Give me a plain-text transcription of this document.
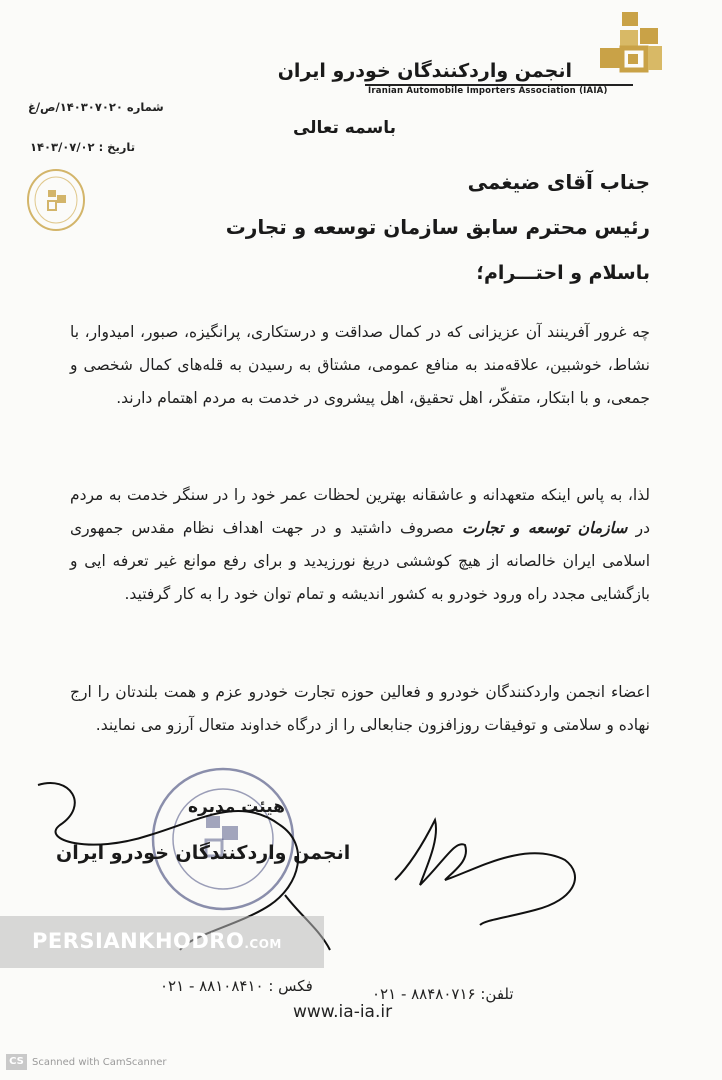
انجمن واردکنندگان خودرو ایران
Iranian Automobile Importers Association (IAIA)
شماره ۱۴۰۳۰۷۰۲۰/ص/غ
تاریخ : ۱۴۰۳/۰۷/۰۲
باسمه تعالی
جناب آقای ضیغمی
رئیس محترم سابق سازمان توسعه و تجارت
باسلام و احتـــرام؛
چه غرور آفرینند آن عزیزانی که در کمال صداقت و درستکاری، پرانگیزه، صبور، امیدوار، با نشاط، خوشبین، علاقه‌مند به منافع عمومی، مشتاق به رسیدن به قله‌های کمال شخصی و جمعی، و با ابتکار، متفکّر، اهل تحقیق، اهل پیشروی در خدمت به مردم اهتمام دارند.
لذا، به پاس اینکه متعهدانه و عاشقانه بهترین لحظات عمر خود را در سنگر خدمت به مردم در سازمان توسعه و تجارت مصروف داشتید و در جهت اهداف نظام مقدس جمهوری اسلامی ایران خالصانه از هیچ کوششی دریغ نورزیدید و برای رفع موانع غیر تعرفه ایی و بازگشایی مجدد راه ورود خودرو به کشور اندیشه و تمام توان خود را به کار گرفتید.
اعضاء انجمن واردکنندگان خودرو و فعالین حوزه تجارت خودرو عزم و همت بلندتان را ارج نهاده و سلامتی و توفیقات روزافزون جنابعالی را از درگاه خداوند متعال آرزو می نمایند.
هیئت مدیره
انجمن واردکنندگان خودرو ایران
PERSIANKHODRO.COM
تلفن: ۸۸۴۸۰۷۱۶ - ۰۲۱
فکس : ۸۸۱۰۸۴۱۰ - ۰۲۱
www.ia-ia.ir
CS Scanned with CamScanner
